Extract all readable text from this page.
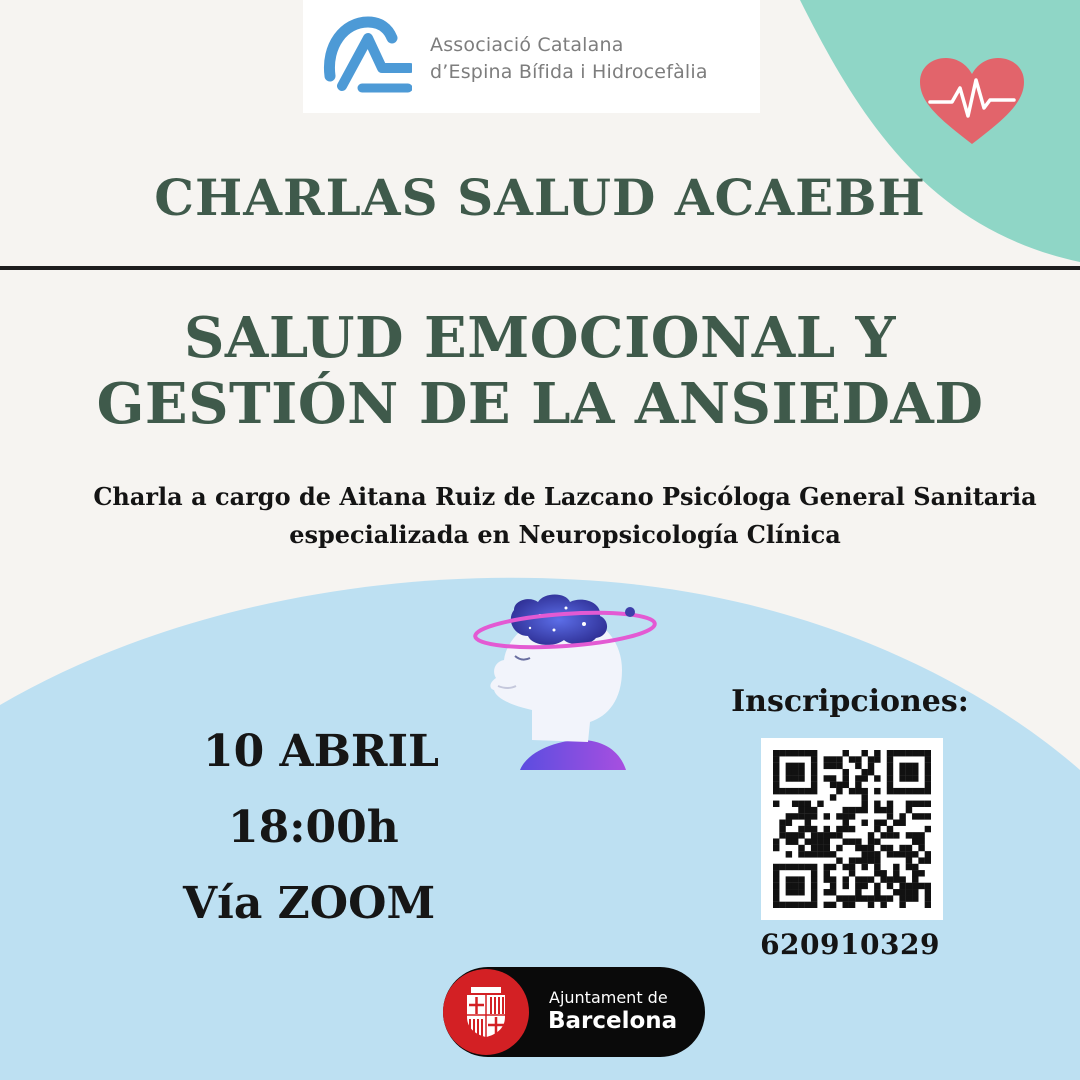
Associació Catalana
d’Espina Bífida i Hidrocefàlia
CHARLAS SALUD ACAEBH
SALUD EMOCIONAL Y
GESTIÓN DE LA ANSIEDAD
Charla a cargo de Aitana Ruiz de Lazcano Psicóloga General Sanitaria
especializada en Neuropsicología Clínica
10 ABRIL
18:00h
Vía ZOOM
Inscripciones:
620910329
Ajuntament de
Barcelona
